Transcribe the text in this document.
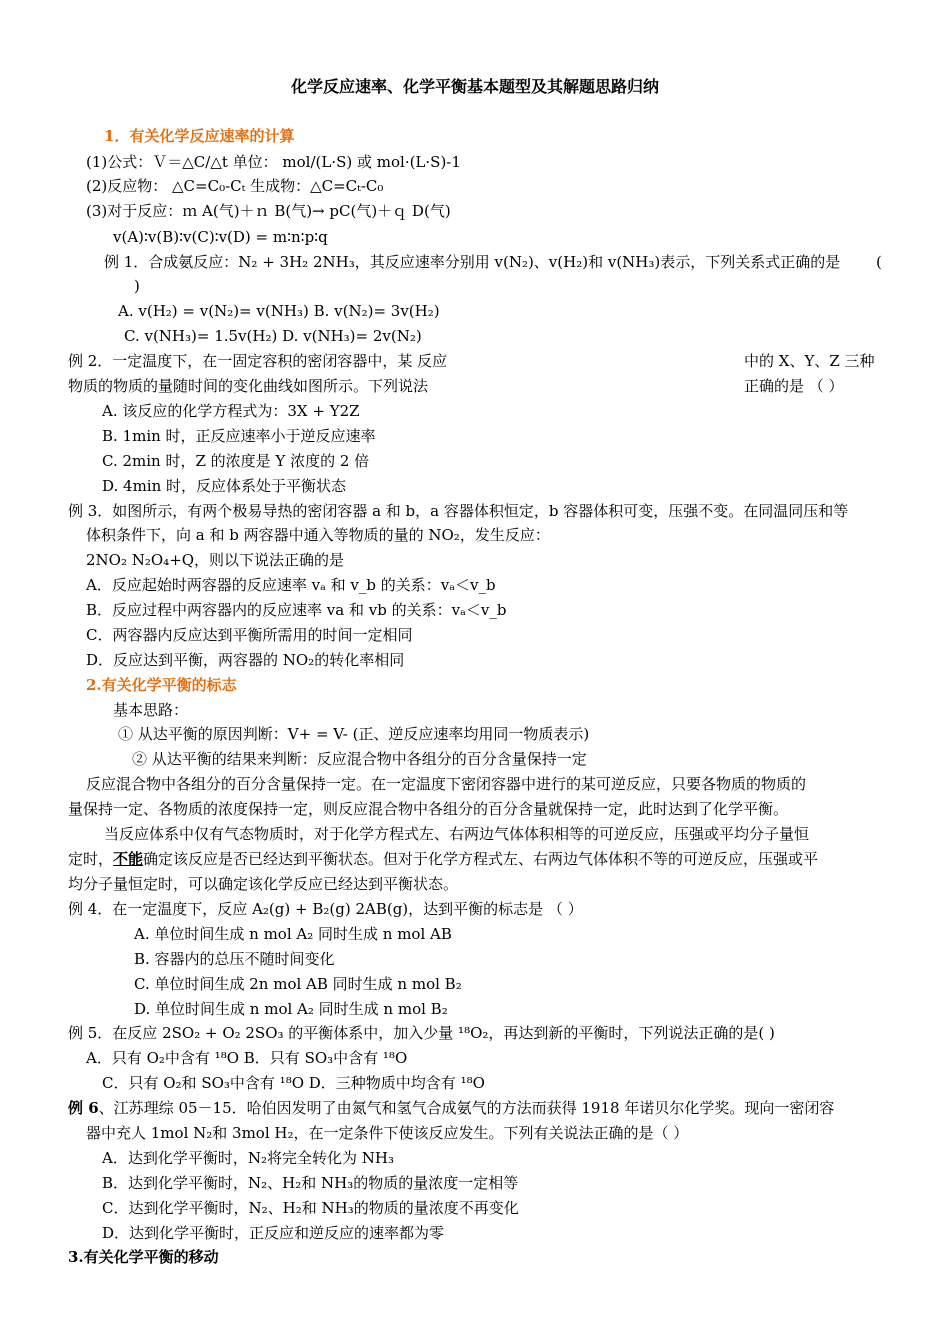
化学反应速率、化学平衡基本题型及其解题思路归纳
1．有关化学反应速率的计算
(1)公式：Ｖ＝△C/△t 单位： mol/(L·S) 或 mol·(L·S)-1
(2)反应物： △C=C₀-Cₜ 生成物：△C=Cₜ-C₀
(3)对于反应：ｍ A(气)＋ｎ B(气)→ pC(气)＋ｑ D(气)
v(A)∶v(B)∶v(C)∶v(D) = m∶n∶p∶q
例 1．合成氨反应：N₂ + 3H₂ 2NH₃，其反应速率分别用 v(N₂)、v(H₂)和 v(NH₃)表示，下列关系式正确的是 (
)
A. v(H₂) = v(N₂)= v(NH₃) B. v(N₂)= 3v(H₂)
C. v(NH₃)= 1.5v(H₂) D. v(NH₃)= 2v(N₂)
例 2．一定温度下，在一固定容积的密闭容器中，某 反应	中的 X、Y、Z 三种
物质的物质的量随时间的变化曲线如图所示。下列说法	正确的是 （ ）
A. 该反应的化学方程式为：3X + Y2Z
B. 1min 时，正反应速率小于逆反应速率
C. 2min 时，Z 的浓度是 Y 浓度的 2 倍
D. 4min 时，反应体系处于平衡状态
例 3．如图所示，有两个极易导热的密闭容器 a 和 b，a 容器体积恒定，b 容器体积可变，压强不变。在同温同压和等
体积条件下，向 a 和 b 两容器中通入等物质的量的 NO₂，发生反应：
2NO₂ N₂O₄+Q，则以下说法正确的是
A．反应起始时两容器的反应速率 vₐ 和 v_b 的关系：vₐ＜v_b
B．反应过程中两容器内的反应速率 va 和 vb 的关系：vₐ＜v_b
C．两容器内反应达到平衡所需用的时间一定相同
D．反应达到平衡，两容器的 NO₂的转化率相同
2.有关化学平衡的标志
基本思路：
① 从达平衡的原因判断：V+ = V- (正、逆反应速率均用同一物质表示)
② 从达平衡的结果来判断：反应混合物中各组分的百分含量保持一定
反应混合物中各组分的百分含量保持一定。在一定温度下密闭容器中进行的某可逆反应，只要各物质的物质的
量保持一定、各物质的浓度保持一定，则反应混合物中各组分的百分含量就保持一定，此时达到了化学平衡。
当反应体系中仅有气态物质时，对于化学方程式左、右两边气体体积相等的可逆反应，压强或平均分子量恒
定时，不能确定该反应是否已经达到平衡状态。但对于化学方程式左、右两边气体体积不等的可逆反应，压强或平
均分子量恒定时，可以确定该化学反应已经达到平衡状态。
例 4．在一定温度下，反应 A₂(g) + B₂(g) 2AB(g)，达到平衡的标志是 （ ）
A. 单位时间生成 n mol A₂ 同时生成 n mol AB
B. 容器内的总压不随时间变化
C. 单位时间生成 2n mol AB 同时生成 n mol B₂
D. 单位时间生成 n mol A₂ 同时生成 n mol B₂
例 5．在反应 2SO₂ + O₂ 2SO₃ 的平衡体系中，加入少量 ¹⁸O₂，再达到新的平衡时，下列说法正确的是( )
A．只有 O₂中含有 ¹⁸O B．只有 SO₃中含有 ¹⁸O
C．只有 O₂和 SO₃中含有 ¹⁸O D．三种物质中均含有 ¹⁸O
例 6、江苏理综 05－15．哈伯因发明了由氮气和氢气合成氨气的方法而获得 1918 年诺贝尔化学奖。现向一密闭容
器中充人 1mol N₂和 3mol H₂，在一定条件下使该反应发生。下列有关说法正确的是（ ）
A．达到化学平衡时，N₂将完全转化为 NH₃
B．达到化学平衡时，N₂、H₂和 NH₃的物质的量浓度一定相等
C．达到化学平衡时，N₂、H₂和 NH₃的物质的量浓度不再变化
D．达到化学平衡时，正反应和逆反应的速率都为零
3.有关化学平衡的移动
